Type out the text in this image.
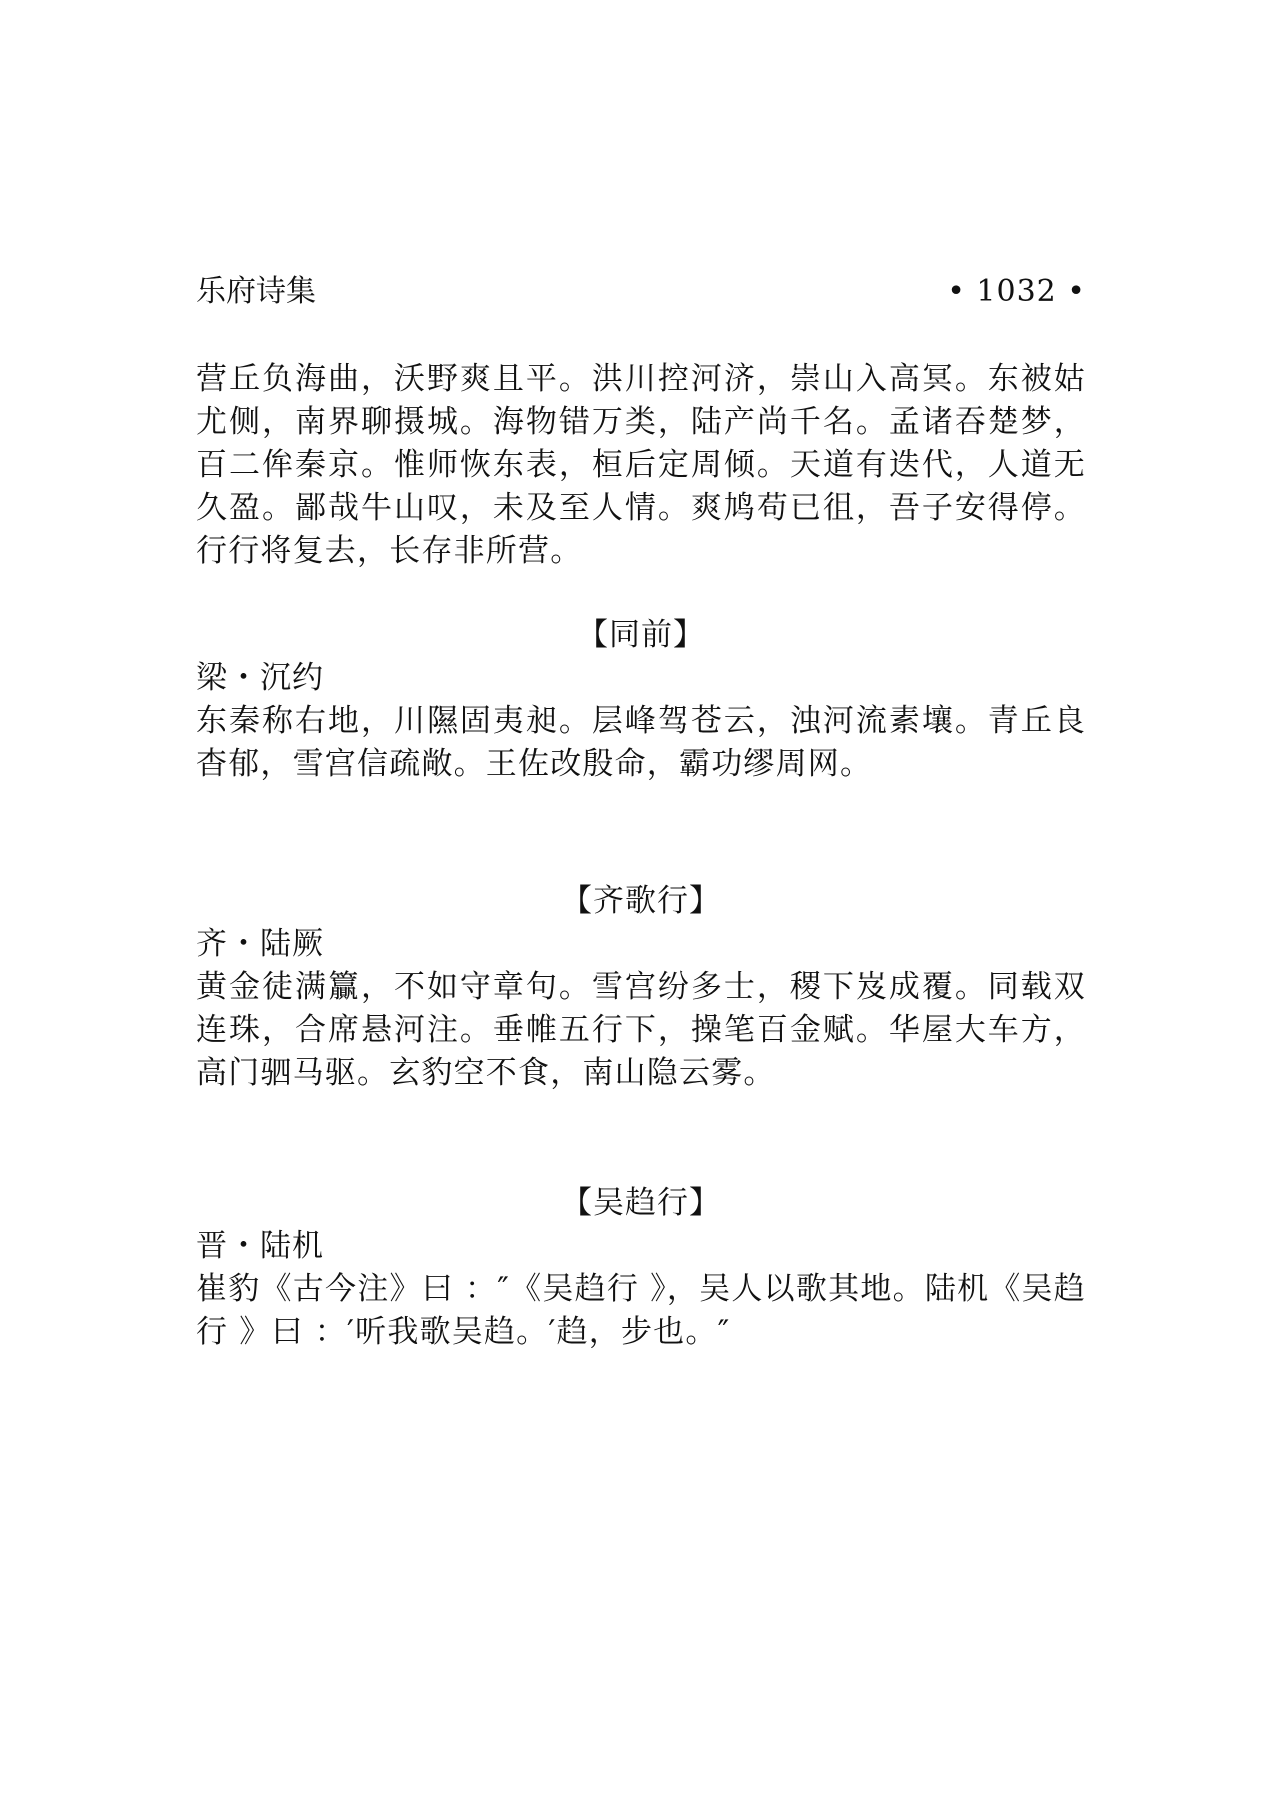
乐府诗集	• 1032 •
营丘负海曲，沃野爽且平。洪川控河济，崇山入高冥。东被姑尤侧，南界聊摄城。海物错万类，陆产尚千名。孟诸吞楚梦，百二侔秦京。惟师恢东表，桓后定周倾。天道有迭代，人道无久盈。鄙哉牛山叹，未及至人情。爽鸠苟已徂，吾子安得停。行行将复去，长存非所营。
【同前】
梁・沉约
东秦称右地，川隰固夷昶。层峰驾苍云，浊河流素壤。青丘良杳郁，雪宫信疏敞。王佐改殷命，霸功缪周网。
【齐歌行】
齐・陆厥
黄金徒满籯，不如守章句。雪宫纷多士，稷下岌成覆。同载双连珠，合席悬河注。垂帷五行下，操笔百金赋。华屋大车方，高门驷马驱。玄豹空不食，南山隐云雾。
【吴趋行】
晋・陆机
崔豹《古今注》曰 ：″《吴趋行 》，吴人以歌其地。陆机《吴趋行 》曰 ：′听我歌吴趋。′趋，步也。″
